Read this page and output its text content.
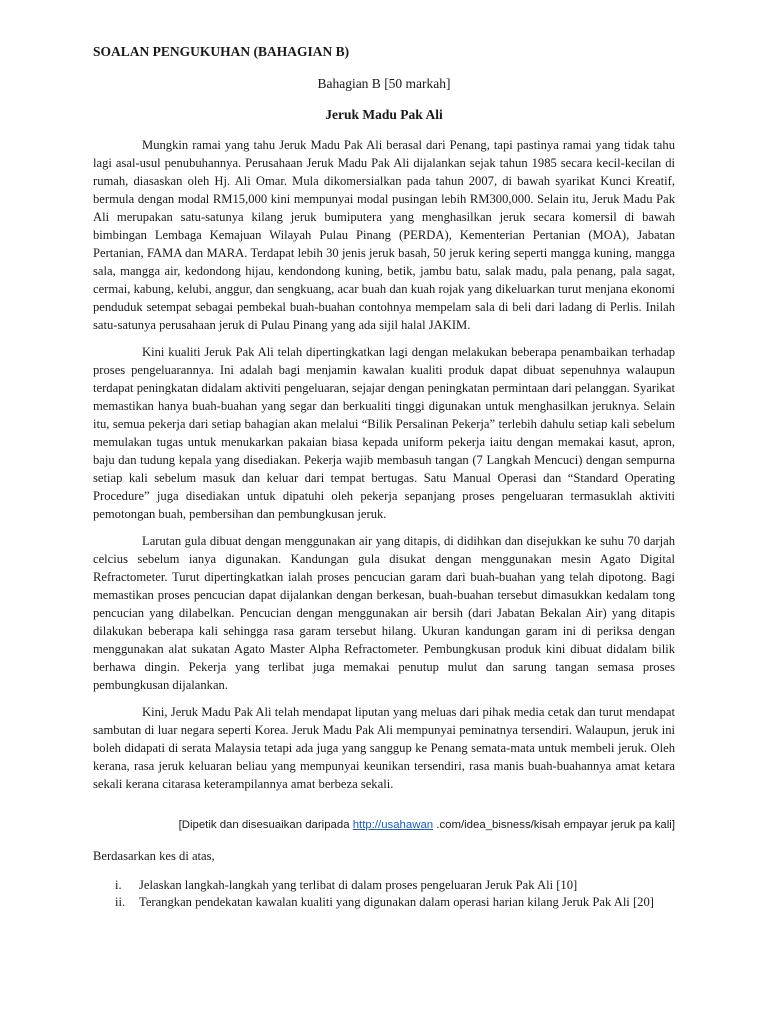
SOALAN PENGUKUHAN (BAHAGIAN B)

Bahagian B [50 markah]

Jeruk Madu Pak Ali

Mungkin ramai yang tahu Jeruk Madu Pak Ali berasal dari Penang, tapi pastinya ramai yang tidak tahu lagi asal-usul penubuhannya. Perusahaan Jeruk Madu Pak Ali dijalankan sejak tahun 1985 secara kecil-kecilan di rumah, diasaskan oleh Hj. Ali Omar. Mula dikomersialkan pada tahun 2007, di bawah syarikat Kunci Kreatif, bermula dengan modal RM15,000 kini mempunyai modal pusingan lebih RM300,000. Selain itu, Jeruk Madu Pak Ali merupakan satu-satunya kilang jeruk bumiputera yang menghasilkan jeruk secara komersil di bawah bimbingan Lembaga Kemajuan Wilayah Pulau Pinang (PERDA), Kementerian Pertanian (MOA), Jabatan Pertanian, FAMA dan MARA. Terdapat lebih 30 jenis jeruk basah, 50 jeruk kering seperti mangga kuning, mangga sala, mangga air, kedondong hijau, kendondong kuning, betik, jambu batu, salak madu, pala penang, pala sagat, cermai, kabung, kelubi, anggur, dan sengkuang, acar buah dan kuah rojak yang dikeluarkan turut menjana ekonomi penduduk setempat sebagai pembekal buah-buahan contohnya mempelam sala di beli dari ladang di Perlis. Inilah satu-satunya perusahaan jeruk di Pulau Pinang yang ada sijil halal JAKIM.

Kini kualiti Jeruk Pak Ali telah dipertingkatkan lagi dengan melakukan beberapa penambaikan terhadap proses pengeluarannya. Ini adalah bagi menjamin kawalan kualiti produk dapat dibuat sepenuhnya walaupun terdapat peningkatan didalam aktiviti pengeluaran, sejajar dengan peningkatan permintaan dari pelanggan. Syarikat memastikan hanya buah-buahan yang segar dan berkualiti tinggi digunakan untuk menghasilkan jeruknya. Selain itu, semua pekerja dari setiap bahagian akan melalui “Bilik Persalinan Pekerja” terlebih dahulu setiap kali sebelum memulakan tugas untuk menukarkan pakaian biasa kepada uniform pekerja iaitu dengan memakai kasut, apron, baju dan tudung kepala yang disediakan. Pekerja wajib membasuh tangan (7 Langkah Mencuci) dengan sempurna setiap kali sebelum masuk dan keluar dari tempat bertugas. Satu Manual Operasi dan “Standard Operating Procedure” juga disediakan untuk dipatuhi oleh pekerja sepanjang proses pengeluaran termasuklah aktiviti pemotongan buah, pembersihan dan pembungkusan jeruk.

Larutan gula dibuat dengan menggunakan air yang ditapis, di didihkan dan disejukkan ke suhu 70 darjah celcius sebelum ianya digunakan. Kandungan gula disukat dengan menggunakan mesin Agato Digital Refractometer. Turut dipertingkatkan ialah proses pencucian garam dari buah-buahan yang telah dipotong. Bagi memastikan proses pencucian dapat dijalankan dengan berkesan, buah-buahan tersebut dimasukkan kedalam tong pencucian yang dilabelkan. Pencucian dengan menggunakan air bersih (dari Jabatan Bekalan Air) yang ditapis dilakukan beberapa kali sehingga rasa garam tersebut hilang. Ukuran kandungan garam ini di periksa dengan menggunakan alat sukatan Agato Master Alpha Refractometer. Pembungkusan produk kini dibuat didalam bilik berhawa dingin. Pekerja yang terlibat juga memakai penutup mulut dan sarung tangan semasa proses pembungkusan dijalankan.

Kini, Jeruk Madu Pak Ali telah mendapat liputan yang meluas dari pihak media cetak dan turut mendapat sambutan di luar negara seperti Korea. Jeruk Madu Pak Ali mempunyai peminatnya tersendiri. Walaupun, jeruk ini boleh didapati di serata Malaysia tetapi ada juga yang sanggup ke Penang semata-mata untuk membeli jeruk. Oleh kerana, rasa jeruk keluaran beliau yang mempunyai keunikan tersendiri, rasa manis buah-buahannya amat ketara sekali kerana citarasa keterampilannya amat berbeza sekali.

[Dipetik dan disesuaikan daripada http://usahawan .com/idea_bisness/kisah empayar jeruk pa kali]

Berdasarkan kes di atas,

i.	Jelaskan langkah-langkah yang terlibat di dalam proses pengeluaran Jeruk Pak Ali [10]
ii.	Terangkan pendekatan kawalan kualiti yang digunakan dalam operasi harian kilang Jeruk Pak Ali [20]
